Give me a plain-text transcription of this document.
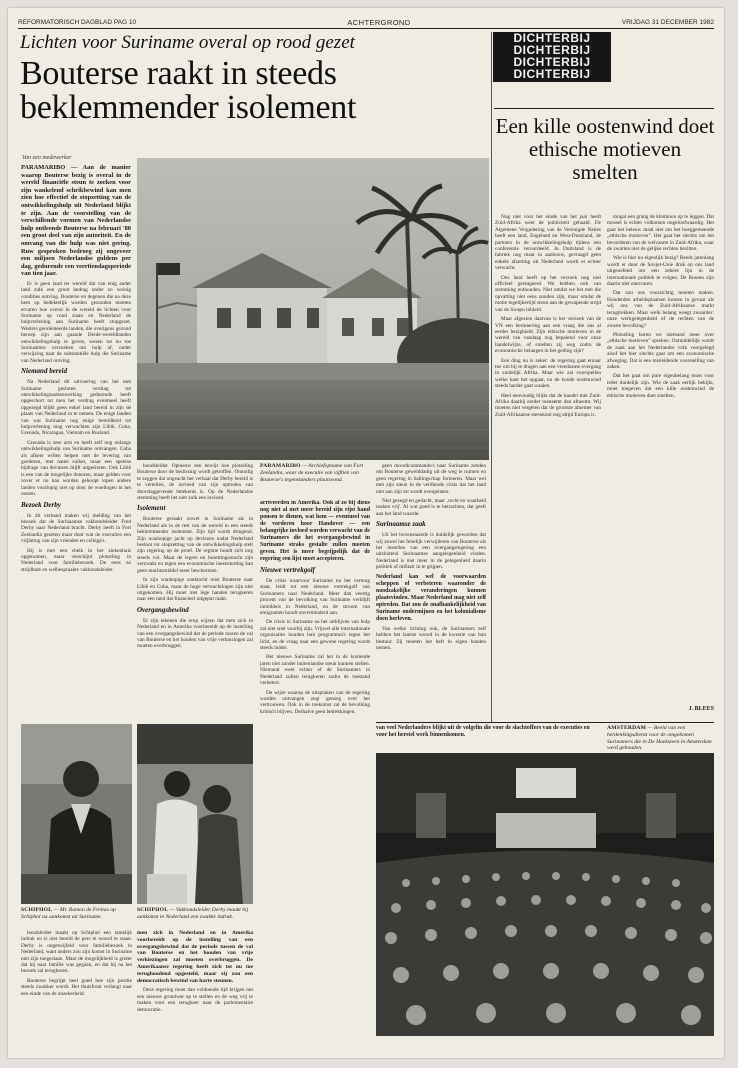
REFORMATORISCH DAGBLAD PAG 10	ACHTERGROND	VRIJDAG 31 DECEMBER 1982
Lichten voor Suriname overal op rood gezet
Bouterse raakt in steeds beklemmender isolement
Van een medewerker

PARAMARIBO — Aan de manier waarop Bouterse bezig is overal in de wereld financiële steun te zoeken voor zijn wankelend schrikbewind kan men zien hoe effectief de stopzetting van de ontwikkelingshulp uit Nederland blijkt te zijn. Aan de voorstelling van de verschillende vormen van Nederlandse hulp ontleende Bouterse na februari '80 een groot deel van zijn autoriteit. En de omvang van die hulp was niet gering. Ruw gesproken bedroeg zij ongeveer een miljoen Nederlandse guldens per dag, gedurende een veertiendagsperiode van tien jaar.

Er is geen land ter wereld dat van enig ander land zulk een groot bedrag onder zo weinig condities ontving. Bouterse en degenen die na deze hem op bedektelijk worden gezonden moeten ervaren hoe overal in de wereld de lichten voor Suriname op rood staan en Nederland de hulpverlening aan Suriname heeft stopgezet. Westers georiënteerde landen, die overigens gezond beroep zijn aan gaande Derde-wereldlanden ontwikkelingshulp te geven, wezen tot nu toe Surinaamse verzoeken om hulp af, onder verwijzing naar de substantiële hulp die Suriname van Nederland ontving.

Niemand bereid

Na Nederland dit uitvoering van het met Suriname gesloten verdrag tot ontwikkelingssamenwerking gedurende heeft opgeschort tot men het verdrag eventueel heeft opgezegd blijkt geen enkel land bereid in zijn de plaats van Nederland in te nemen. De enige landen van wat Suriname nog enige bereidheid tot hulpverlening mag verwachten zijn Libië, Cuba, Grenada, Nicaragua, Vietnam en Rusland.

Grenada is zeer arm en heeft zelf nog onlangs ontwikkelingshulp van Suriname ontvangen. Cuba als afkeer willen helpen met de levering van goederen, met name suiker, maar een speelse bijdrage van deviezen blijft uitgesloten. Ook Libië is een van de mogelijke donoren, maar gelden voor zover er nu kan worden gehoopt lopen andere landen voorlopig niet op door de woelingen in het oosten.

Bezoek Derby

In dit verband maken wij melding van het bezoek dat de Surinaamse vakbondsleider Fred Derby naar Nederland bracht. Derby heeft in Fort Zeelandia gezeten maar door wat de executies een vrijlating van zijn vrienden en collega's.

Hij is met een sheik in het ziekenhuis opgenomen, maar verschijnt plotseling in Nederland voor familiebezoek. De eens zo strijdbare en welbespraakte vakbondsleider.

PARAMARIBO — Archiefopname van Fort Zeelandia, waar de executie van vijftien van Bouterse's tegenstanders plaatsvond.

bondsleider. Opnieuw een bewijs hoe plotseling Bouterse door de beslissing wordt getroffen. Onnodig te zeggen dat ongeacht het verhaal dat Derby bereid is te vertellen, de invloed van zijn optreden van doorslaggevende betekenis is. Op de Nederlandse stemming heeft het niet zulk een invloed.

Isolement

Bouterse geraakt zowel in Suriname als in Nederland als in de rest van de wereld in een steeds beklemmender isolement. Zijn tijd wordt dringend. Zijn wanhopige jacht op deviezen nadat Nederland besloot tot stopzetting van de ontwikkelingshulp stelt zijn regering op de proef. De regime houdt zich nog steeds vol. Maar de legers en bezettingsmacht zijn verzwakt en tegen een economische ineenstorting kan geen machtsmiddel meer beschermen.

In zijn wanhopige zoektocht reist Bouterse naar Libië en Cuba, maar de hoge verwachtingen zijn niet uitgekomen. Hij moet met lege handen terugkeren naar een land dat financieel uitgeput raakt.

Overgangsbewind

Er zijn tekenen die erop wijzen dat men zich in Nederland en in Amerika voorbereidt op de instelling van een overgangsbewind dat de periode tussen de val van Bouterse en het houden van vrije verkiezingen zal moeten overbruggen.

arriveerden in Amerika. Ook al zo bij diens nog niet al met meer bereid zijn rijst hand ponsen te dienen, wat hem — eventueel van de vorderen hoor Handover — een belangrijke invloed worden verwacht van de Surinamers die het overgangsbewind in Suriname straks gestalte zullen moeten geven. Het is meer begrijpelijk dat de regering een lijst moet accepteren.

Nieuwe vertrekgolf

De crisis waarvoor Suriname nu het vertoog staat, leidt tot een nieuwe vertrekgolf van Surinamers naar Nederland. Meer dan veertig procent van de bevolking van Suriname verblijft inmiddels in Nederland, en de stroom van emigranten houdt onverminderd aan.

De crisis in Suriname na het uitblijven van hulp zal niet snel voorbij zijn. Vrijwel alle internationale organisaties houden hun programma's tegen het licht, en de vraag naar een gewone regering wordt steeds luider.

Het nieuwe Suriname zal het in de komende jaren niet zonder buitenlandse steun kunnen stellen. Niemand weet echter of de Surinamers in Nederland zullen terugkeren zodra de toestand verbetert.

De wijze waarop de uitspraken van de regering worden ontvangen zegt genoeg over het vertrouwen. Ook in de toekomst zal de bevolking kritisch blijven. Derhalve geen betrekkingen.

geen moordcommando's naar Suriname zenden om Bouterse gewelddadig uit de weg te ruimen en geen regering in ballingschap formeren. Maar wel met zijn steun in de verdiende crisis dat het land niet aan zijn lot wordt overgelaten.

Niet gezegd en gedacht, maar ‚recht en waarheid maken vrij'. Al wat goed is te betrachten, dat geeft aan het land waarde.

Surinaamse zaak

Uit het bovenstaande is duidelijk geworden dat wij zowel het feitelijk verwijderen van Bouterse als het instellen van een overgangsregering een uitsluitend Surinaamse aangelegenheid vinden. Nederland is niet meer in de gelegenheid daarin politiek of militair in te grijpen.

Nederland kan wel de voorwaarden scheppen of verbeteren waaronder de noodzakelijke veranderingen kunnen plaatsvinden. Maar Nederland mag niet zelf optreden. Dat zou de onafhankelijkheid van Suriname ondermijnen en het kolonialisme doen herleven.

Van welke richting ook, de Surinamers zelf hebben het laatste woord in de kwestie van hun bestuur. Zij moeten het heft in eigen handen nemen.

SCHIPHOL — Mr. Ramon de Freitas op Schiphol na aankomst uit Suriname.
SCHIPHOL — Vakbondsleider Derby maakt bij aankomst in Nederland een zwakke indruk.

bondsleider maakt op Schiphol een tamelijk indruk en is niet bereid de pers te woord te staan. Derby is ongetwijfeld voor familiebezoek in Nederland, want anders zou zijn komst in Suriname niet zijn toegestaan. Maar de mogelijkheid is groter dat hij naar familie was gegaan, en dat hij na het bezoek zal terugkeren.

Bouterse begrijpt heel goed hoe zijn positie steeds zwakker wordt. Het thuisfront verlangt naar een einde van de onzekerheid.

men zich in Nederland en in Amerika voorbereidt op de instelling van een overgangsbewind dat de periode tussen de val van Bouterse en het houden van vrije verkiezingen zal moeten overbruggen. De Amerikaanse regering heeft zich tot nu toe terughoudend opgesteld, maar zij zou een democratisch bewind van harte steunen.

Deze regering moet dan voldoende tijd krijgen om een nieuwe grondwet op te stellen en de weg vrij te maken voor een terugkeer naar de parlementaire democratie.

DICHTERBIJ
DICHTERBIJ
DICHTERBIJ
DICHTERBIJ
Een kille oostenwind doet ethische motieven smelten

Nog niet voor het einde van het jaar heeft Zuid-Afrika weer de publiciteit gehaald. De Algemene Vergadering van de Verenigde Naties heeft een land, Engeland en West-Duitsland, de partners in de ontwikkelingshulp tijdens een conferentie veroordeeld. In Duitsland is de fabriek nog maar in aanbouw, gevraagd geen enkele afzetting uit Nederland wordt er echter verwacht.

Ons land heeft op het verzoek nog niet officieel gereageerd. We hebben ook van stemming onthouden. Niet omdat we het met die opvatting niet eens zouden zijn, maar omdat de motie tegelijkertijd steun aan de gewapende strijd van de Swapo inhield.

Maar afgezien daarvan is het verzoek van de VN een herinnering aan een vraag die ons al eerder bezighield. Zijn ethische motieven in de wereld van vandaag nog bepalend voor onze handelwijze, of smelten zij weg zodra de economische belangen in het geding zijn?

Een ding nu is zeker: de regering gaat ernaar toe om bij te dragen aan een vreedzame overgang in zuidelijk Afrika. Maar wie zal voorspellen welke kant het opgaat, nu de koude oostenwind steeds harder gaat waaien.

Heel eenvoudig blijkt dat de handel met Zuid-Afrika daarbij eerder toeneemt dan afneemt. Wij moeten niet vergeten dat de grootste afnemer van Zuid-Afrikaanse steenkool nog altijd Europa is.

mogal een grang de klemtoon op te leggen. Dat mossel is echter volkomen ongeloofwaardig. Het gaat het heleuw maal niet om het boeggemeende „ethische motieven”. Het gaat het slechts om het bevorderen van de welvaarte in Zuid-Afrika, waar de zwarten niet de gelijke rechten bezitten.

Wie is hier nu eigenlijk bezig? Reeds jarenlang wordt er door de Sovjet-Unie druk op ons land uitgeoefend om een zekere lijn in de internationale politiek te volgen. De Russen zijn daarin niet onervaren.

Dat zou ons voorzichtig moeten maken. Honderden arbeidsplaatsen komen in gevaar als wij ons van de Zuid-Afrikaanse markt terugtrekken. Maar welk belang weegt zwaarder: onze werkgelegenheid of de rechten van de zwarte bevolking?

Plotseling horen we niemand meer over „ethische motieven” spreken. Onmiddellijk wordt de zaak aan het Nederlandse volk voorgelegd alsof het hier slechts gaat om een economische afweging. Dat is een misleidende voorstelling van zaken.

Dat het gaat om pure eigenbelang moet voor ieder duidelijk zijn. Wie de zaak eerlijk bekijkt, moet toegeven dat een kille oostenwind de ethische motieven doet smelten.

J. BLEES
van veel Nederlanders blijkt uit de volgelin die voor de slachtoffers van de executies en voor het herstel werk binnenkomen.
AMSTERDAM — Beeld van een herdenkingsdienst voor de omgekomen Surinamers die in De Hoeksteen in Amsterdam werd gehouden.
